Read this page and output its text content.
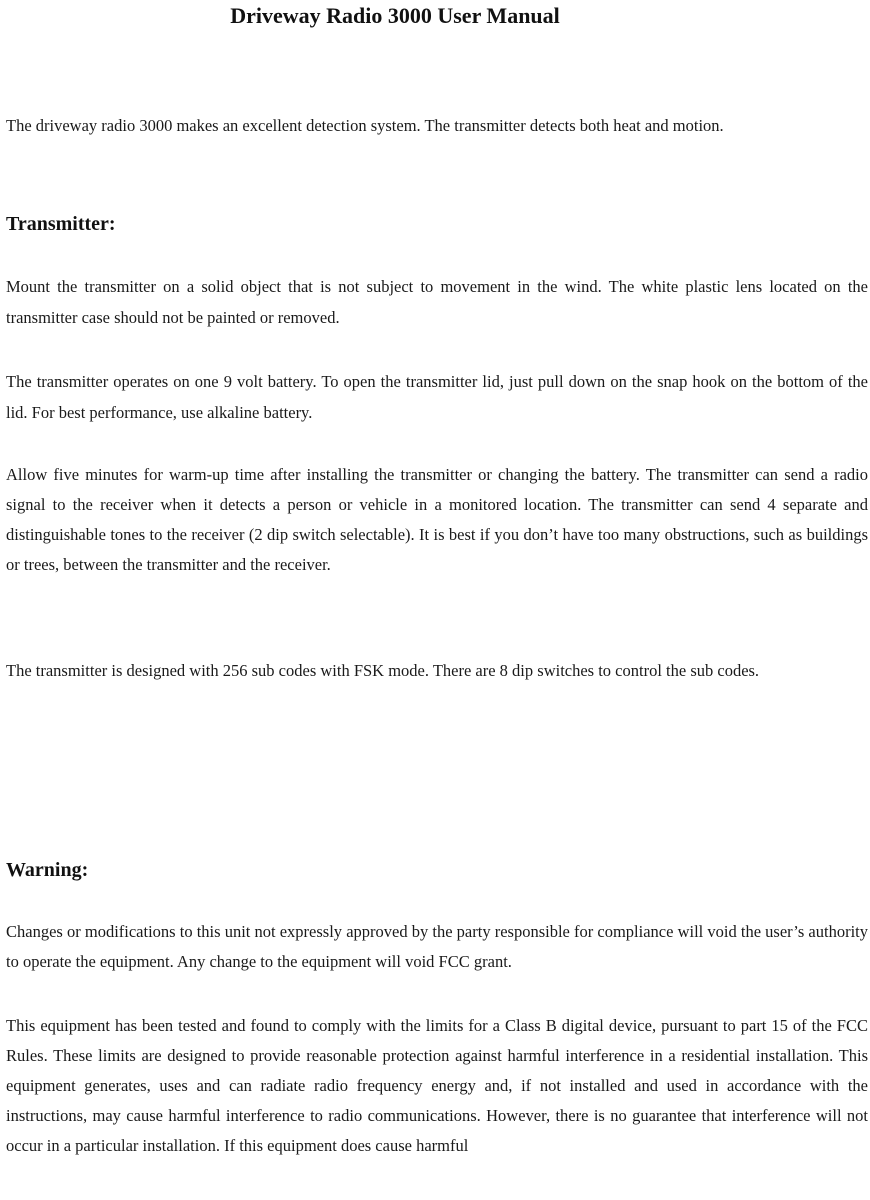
Driveway Radio 3000 User Manual

The driveway radio 3000 makes an excellent detection system. The transmitter detects both heat and motion.

Transmitter:

Mount the transmitter on a solid object that is not subject to movement in the wind. The white plastic lens located on the transmitter case should not be painted or removed.

The transmitter operates on one 9 volt battery. To open the transmitter lid, just pull down on the snap hook on the bottom of the lid. For best performance, use alkaline battery.

Allow five minutes for warm-up time after installing the transmitter or changing the battery. The transmitter can send a radio signal to the receiver when it detects a person or vehicle in a monitored location. The transmitter can send 4 separate and distinguishable tones to the receiver (2 dip switch selectable). It is best if you don’t have too many obstructions, such as buildings or trees, between the transmitter and the receiver.

The transmitter is designed with 256 sub codes with FSK mode. There are 8 dip switches to control the sub codes.

Warning:

Changes or modifications to this unit not expressly approved by the party responsible for compliance will void the user’s authority to operate the equipment. Any change to the equipment will void FCC grant.

This equipment has been tested and found to comply with the limits for a Class B digital device, pursuant to part 15 of the FCC Rules. These limits are designed to provide reasonable protection against harmful interference in a residential installation. This equipment generates, uses and can radiate radio frequency energy and, if not installed and used in accordance with the instructions, may cause harmful interference to radio communications. However, there is no guarantee that interference will not occur in a particular installation. If this equipment does cause harmful
